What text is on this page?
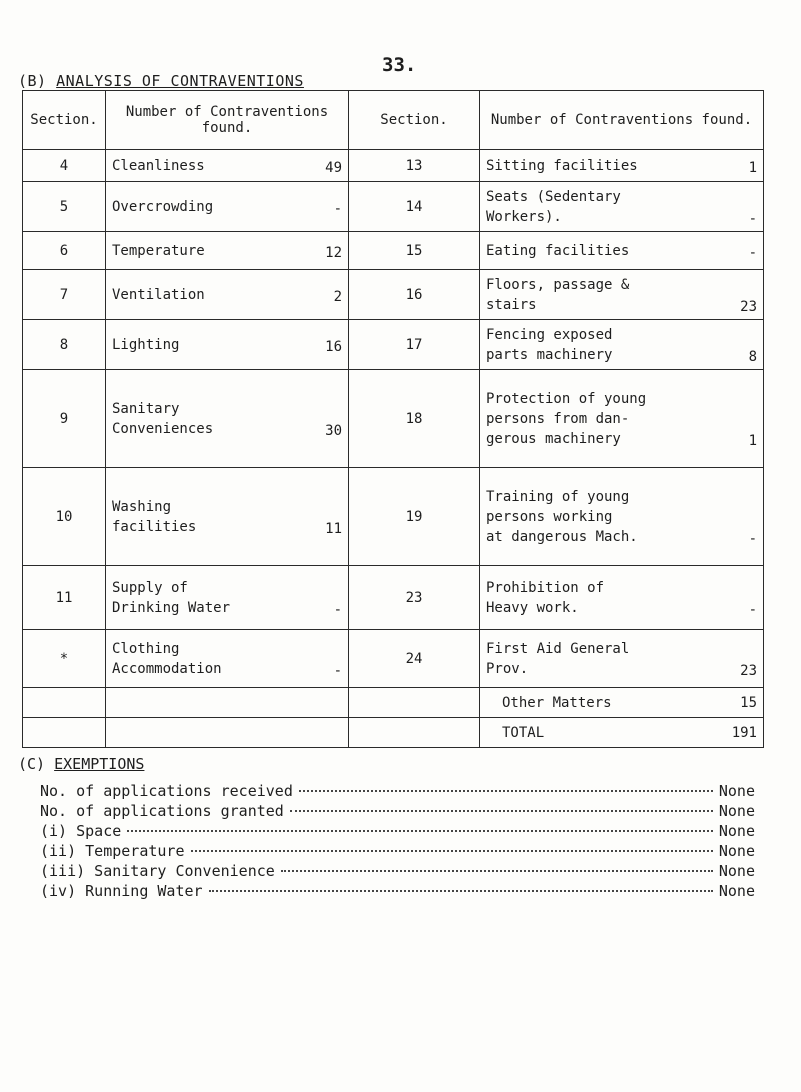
33.
(B) ANALYSIS OF CONTRAVENTIONS
Section.	Number of Contraventions found.	Section.	Number of Contraventions found.
4	Cleanliness 49	13	Sitting facilities 1

5	Overcrowding -	14	Seats (Sedentary
Workers). -

6	Temperature 12	15	Eating facilities -

7	Ventilation 2	16	Floors, passage &
stairs 23

8	Lighting 16	17	Fencing exposed
parts machinery 8

9	Sanitary
Conveniences 30	18	Protection of young
persons from dan-
gerous machinery 1

10	Washing
facilities 11	19	Training of young
persons working
at dangerous Mach. -

11	Supply of
Drinking Water -	23	Prohibition of
Heavy work. -

*	Clothing
Accommodation -	24	First Aid General
Prov. 23

			Other Matters 15

			TOTAL 191
(C) EXEMPTIONS
No. of applications received	None
No. of applications granted	None
(i) Space	None
(ii) Temperature	None
(iii) Sanitary Convenience	None
(iv) Running Water	None
